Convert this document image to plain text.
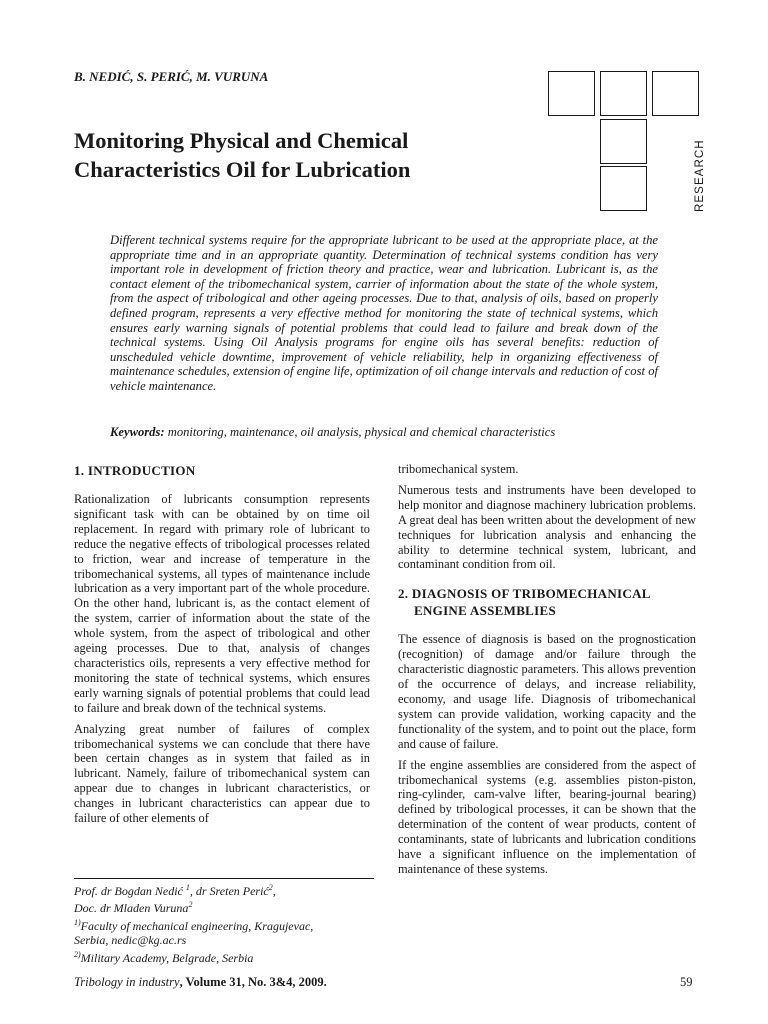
B. NEDIĆ, S. PERIĆ, M. VURUNA
Monitoring Physical and Chemical
Characteristics Oil for Lubrication	RESEARCH

Different technical systems require for the appropriate lubricant to be used at the appropriate place, at the appropriate time and in an appropriate quantity. Determination of technical systems condition has very important role in development of friction theory and practice, wear and lubrication. Lubricant is, as the contact element of the tribomechanical system, carrier of information about the state of the whole system, from the aspect of tribological and other ageing processes. Due to that, analysis of oils, based on properly defined program, represents a very effective method for monitoring the state of technical systems, which ensures early warning signals of potential problems that could lead to failure and break down of the technical systems. Using Oil Analysis programs for engine oils has several benefits: reduction of unscheduled vehicle downtime, improvement of vehicle reliability, help in organizing effectiveness of maintenance schedules, extension of engine life, optimization of oil change intervals and reduction of cost of vehicle maintenance.

Keywords: monitoring, maintenance, oil analysis, physical and chemical characteristics
1. INTRODUCTION

Rationalization of lubricants consumption represents significant task with can be obtained by on time oil replacement. In regard with primary role of lubricant to reduce the negative effects of tribological processes related to friction, wear and increase of temperature in the tribomechanical systems, all types of maintenance include lubrication as a very important part of the whole procedure. On the other hand, lubricant is, as the contact element of the system, carrier of information about the state of the whole system, from the aspect of tribological and other ageing processes. Due to that, analysis of changes characteristics oils, represents a very effective method for monitoring the state of technical systems, which ensures early warning signals of potential problems that could lead to failure and break down of the technical systems.

Analyzing great number of failures of complex tribomechanical systems we can conclude that there have been certain changes as in system that failed as in lubricant. Namely, failure of tribomechanical system can appear due to changes in lubricant characteristics, or changes in lubricant characteristics can appear due to failure of other elements of

tribomechanical system.

Numerous tests and instruments have been developed to help monitor and diagnose machinery lubrication problems. A great deal has been written about the development of new techniques for lubrication analysis and enhancing the ability to determine technical system, lubricant, and contaminant condition from oil.

2. DIAGNOSIS OF TRIBOMECHANICAL
ENGINE ASSEMBLIES

The essence of diagnosis is based on the prognostication (recognition) of damage and/or failure through the characteristic diagnostic parameters. This allows prevention of the occurrence of delays, and increase reliability, economy, and usage life. Diagnosis of tribomechanical system can provide validation, working capacity and the functionality of the system, and to point out the place, form and cause of failure.

If the engine assemblies are considered from the aspect of tribomechanical systems (e.g. assemblies piston-piston, ring-cylinder, cam-valve lifter, bearing-journal bearing) defined by tribological processes, it can be shown that the determination of the content of wear products, content of contaminants, state of lubricants and lubrication conditions have a significant influence on the implementation of maintenance of these systems.

Prof. dr Bogdan Nedić $^1$, dr Sreten Perić$^2$,
Doc. dr Mladen Vuruna$^2$
$^{1)}$Faculty of mechanical engineering, Kragujevac,
Serbia, nedic@kg.ac.rs
$^{2)}$Military Academy, Belgrade, Serbia
Tribology in industry, Volume 31, No. 3&4, 2009.	59
